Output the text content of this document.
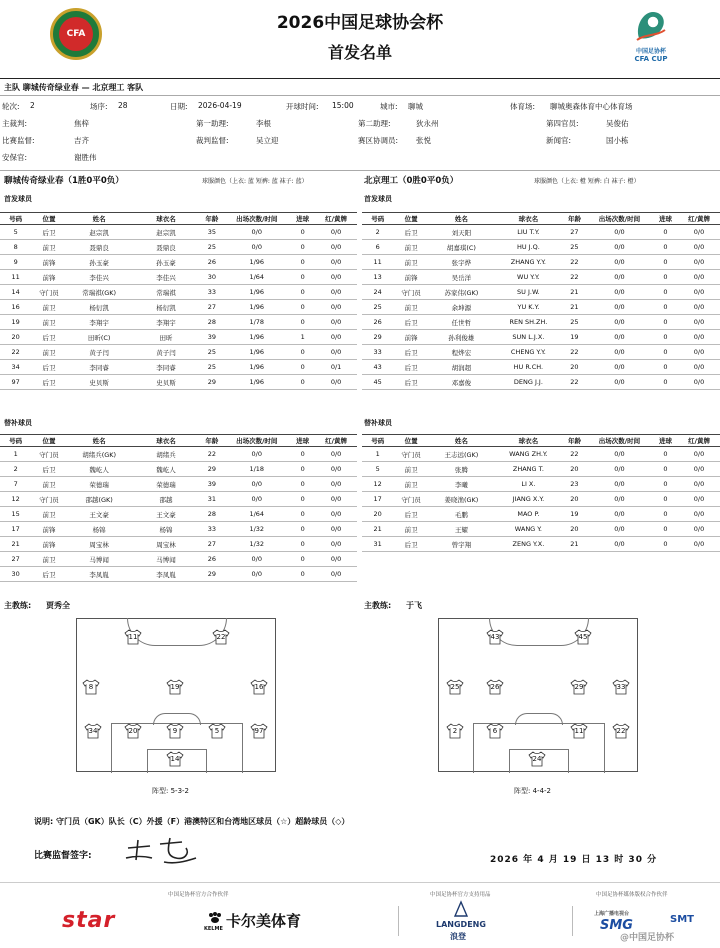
CFA
2026中国足球协会杯
首发名单	中国足协杯
CFA CUP
主队 聊城传奇绿业春 — 北京理工 客队
轮次: 2	场序: 28	日期: 2026-04-19	开球时间: 15:00	城市: 聊城	体育场: 聊城奥森体育中心体育场
主裁判:	焦梓	第一助理:	李根	第二助理:	狄永州	第四官员:	吴俊佑
比赛监督:	吉齐	裁判监督:	吴立迎	赛区协调员: 张悦	新闻官:	国小栋
安保官:	谢胜伟
聊城传奇绿业春（1胜0平0负）	球服颜色（上衣: 蓝 短裤: 蓝 袜子: 蓝）
首发球员
号码	位置	姓名	球衣名	年龄	出场次数/时间	进球	红/黄牌
5	后卫	赵宗凯	赵宗凯	35	0/0	0	0/0
8	前卫	聂鼎良	聂鼎良	25	0/0	0	0/0
9	前锋	孙玉豪	孙玉豪	26	1/96	0	0/0
11	前锋	李佳兴	李佳兴	30	1/64	0	0/0
14	守门员	常瑞祺(GK)	常瑞祺	33	1/96	0	0/0
16	前卫	杨衍凯	杨衍凯	27	1/96	0	0/0
19	前卫	李翔宇	李翔宇	28	1/78	0	0/0
20	后卫	田昕(C)	田昕	39	1/96	1	0/0
22	前卫	黄子闫	黄子闫	25	1/96	0	0/0
34	后卫	李同睿	李同睿	25	1/96	0	0/1
97	后卫	史贝斯	史贝斯	29	1/96	0	0/0
替补球员
号码	位置	姓名	球衣名	年龄	出场次数/时间	进球	红/黄牌
1	守门员	胡绪兵(GK)	胡绪兵	22	0/0	0	0/0
2	后卫	魏屹人	魏屹人	29	1/18	0	0/0
7	前卫	荣德瑞	荣德瑞	39	0/0	0	0/0
12	守门员	邵越(GK)	邵越	31	0/0	0	0/0
15	前卫	王文豪	王文豪	28	1/64	0	0/0
17	前锋	杨锦	杨锦	33	1/32	0	0/0
21	前锋	周宝林	周宝林	27	1/32	0	0/0
27	前卫	马博闻	马博闻	26	0/0	0	0/0
30	后卫	李凤胤	李凤胤	29	0/0	0	0/0
主教练: 贾秀全
北京理工（0胜0平0负）	球服颜色（上衣: 橙 短裤: 白 袜子: 橙）
首发球员
号码	位置	姓名	球衣名	年龄	出场次数/时间	进球	红/黄牌
2	后卫	刘天阳	LIU T.Y.	27	0/0	0	0/0
6	前卫	胡嘉琪(C)	HU J.Q.	25	0/0	0	0/0
11	前卫	张宇烨	ZHANG Y.Y.	22	0/0	0	0/0
13	前锋	吴岳洋	WU Y.Y.	22	0/0	0	0/0
24	守门员	苏家伟(GK)	SU J.W.	21	0/0	0	0/0
25	前卫	余坤源	YU K.Y.	21	0/0	0	0/0
26	后卫	任世哲	REN SH.ZH.	25	0/0	0	0/0
29	前锋	孙利俊雄	SUN L.J.X.	19	0/0	0	0/0
33	后卫	程烨宏	CHENG Y.Y.	22	0/0	0	0/0
43	后卫	胡润超	HU R.CH.	20	0/0	0	0/0
45	后卫	邓嘉俊	DENG J.J.	22	0/0	0	0/0
替补球员
号码	位置	姓名	球衣名	年龄	出场次数/时间	进球	红/黄牌
1	守门员	王志远(GK)	WANG ZH.Y.	22	0/0	0	0/0
5	前卫	张腾	ZHANG T.	20	0/0	0	0/0
12	前卫	李曦	LI X.	23	0/0	0	0/0
17	守门员	姜晓渔(GK)	JIANG X.Y.	20	0/0	0	0/0
20	后卫	毛鹏	MAO P.	19	0/0	0	0/0
21	前卫	王耀	WANG Y.	20	0/0	0	0/0
31	后卫	曾宇翔	ZENG Y.X.	21	0/0	0	0/0
主教练: 于飞
11	22
8	19	16
34	20	9	5	97
14
阵型: 5-3-2
43	45
25	26	29	33
2	6	11	22
24
阵型: 4-4-2
说明: 守门员（GK）队长（C）外援（F）港澳特区和台湾地区球员（☆）超龄球员（◇）
比赛监督签字:	2026 年 4 月 19 日 13 时 30 分
中国足协杯官方合作伙伴	中国足协杯官方支持用品	中国足协杯媒体版权合作伙伴
star	KELME 卡尔美体育	LANGDENG
浪登
上海广播电视台
SMG	SMT
@中国足协杯
